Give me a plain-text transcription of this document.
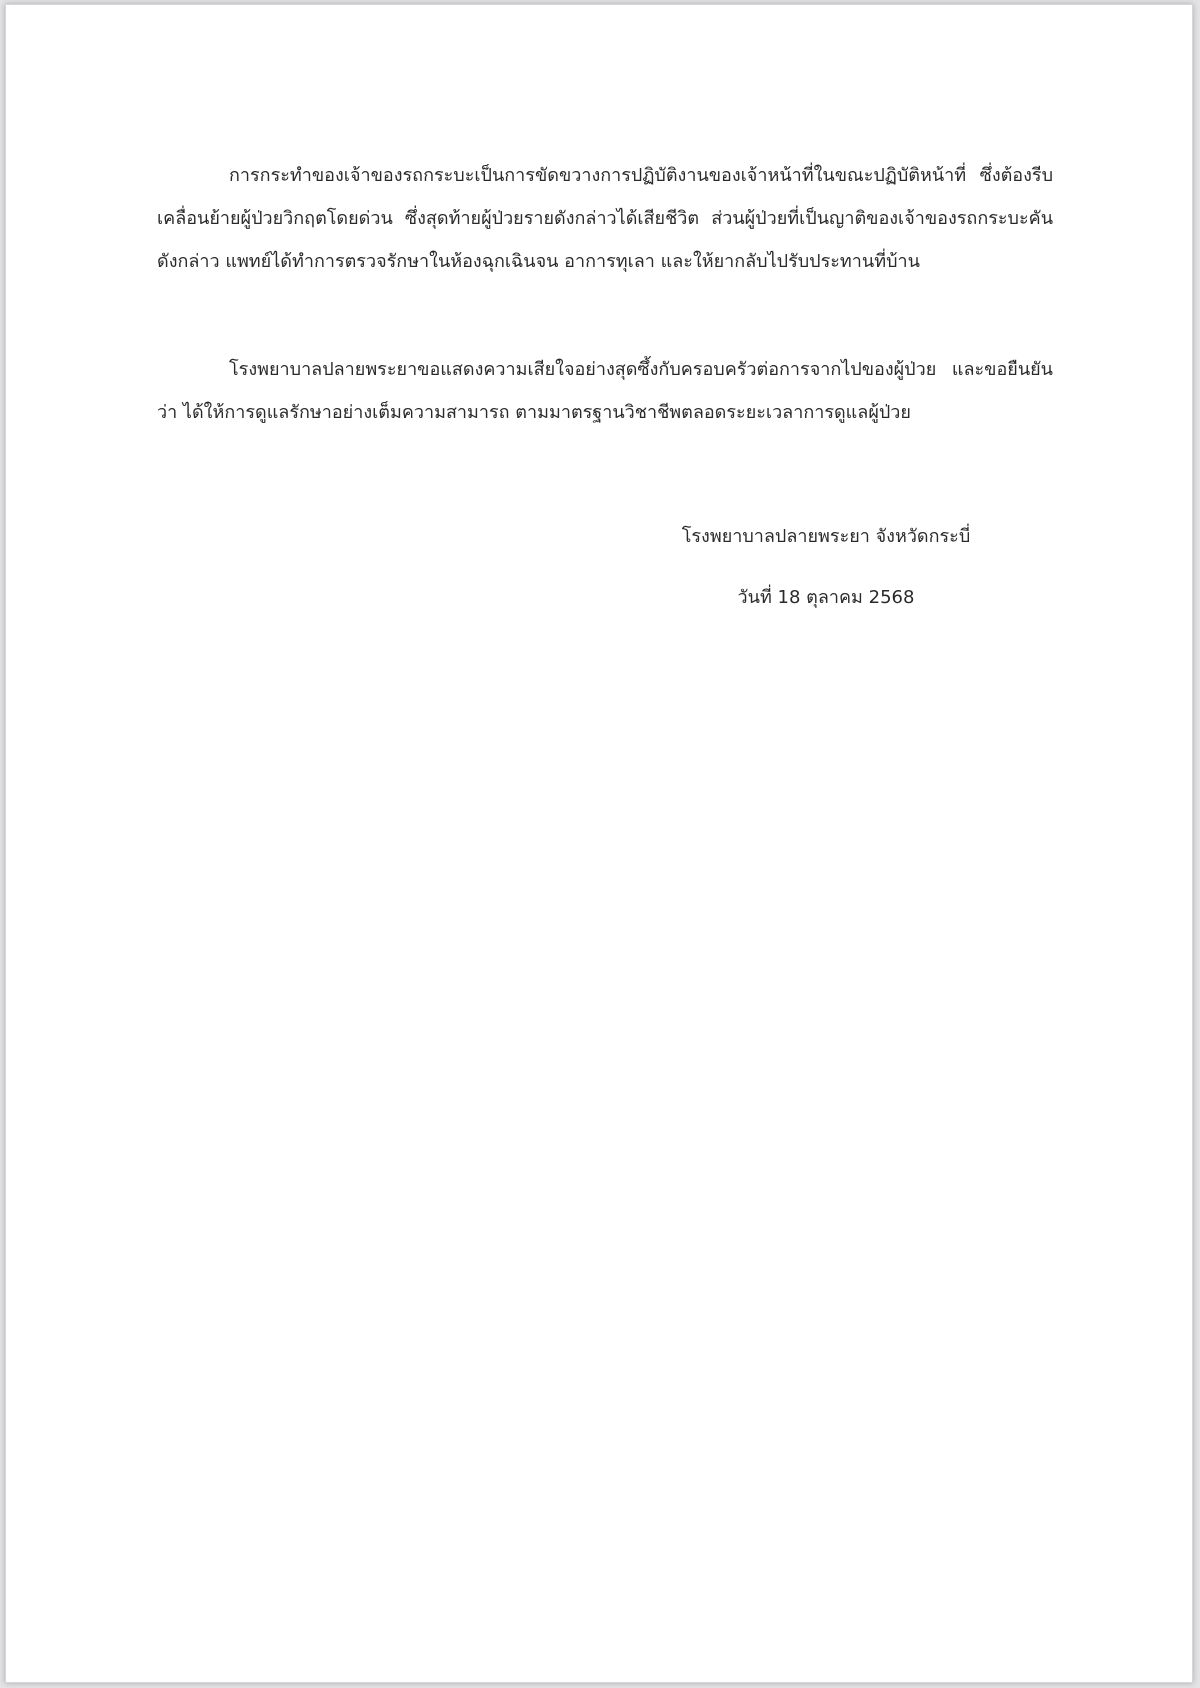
การกระทำของเจ้าของรถกระบะเป็นการขัดขวางการปฏิบัติงานของเจ้าหน้าที่ในขณะปฏิบัติหน้าที่ ซึ่งต้องรีบเคลื่อนย้ายผู้ป่วยวิกฤตโดยด่วน ซึ่งสุดท้ายผู้ป่วยรายดังกล่าวได้เสียชีวิต ส่วนผู้ป่วยที่เป็นญาติของเจ้าของรถกระบะคันดังกล่าว แพทย์ได้ทำการตรวจรักษาในห้องฉุกเฉินจน อาการทุเลา และให้ยากลับไปรับประทานที่บ้าน

โรงพยาบาลปลายพระยาขอแสดงความเสียใจอย่างสุดซึ้งกับครอบครัวต่อการจากไปของผู้ป่วย และขอยืนยันว่า ได้ให้การดูแลรักษาอย่างเต็มความสามารถ ตามมาตรฐานวิชาชีพตลอดระยะเวลาการดูแลผู้ป่วย

โรงพยาบาลปลายพระยา จังหวัดกระบี่
วันที่ 18 ตุลาคม 2568
